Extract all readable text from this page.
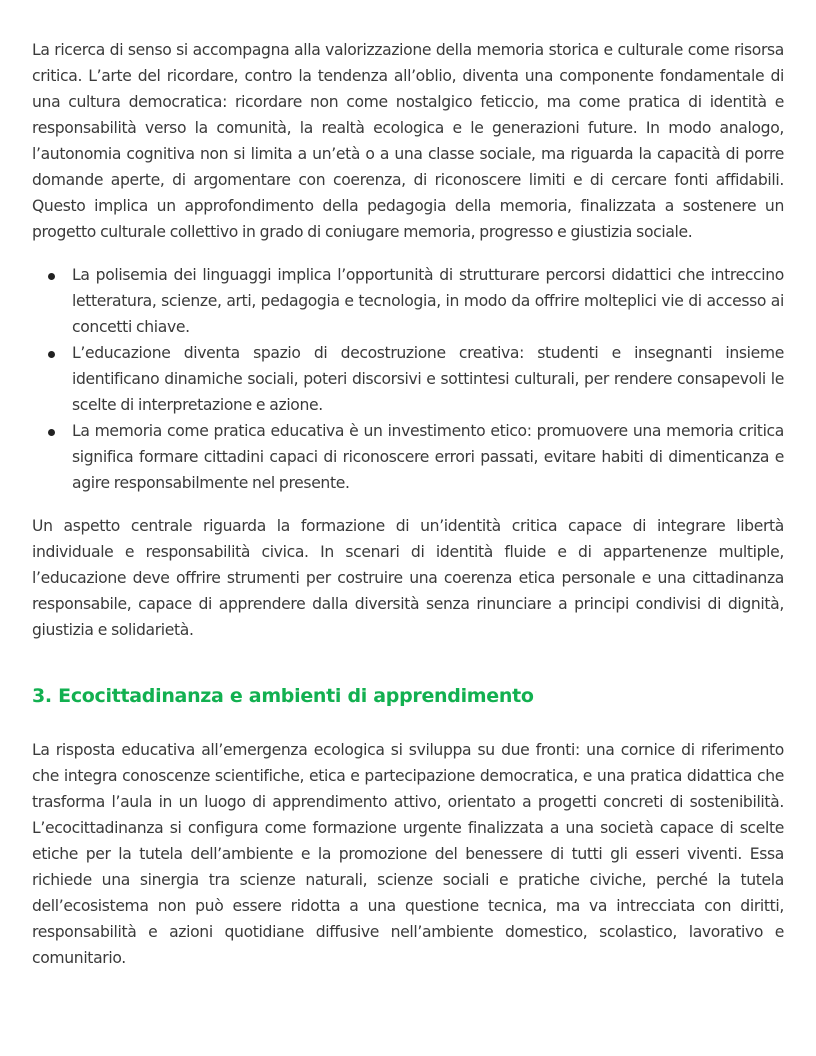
La ricerca di senso si accompagna alla valorizzazione della memoria storica e culturale come risorsa critica. L’arte del ricordare, contro la tendenza all’oblio, diventa una componente fondamentale di una cultura democratica: ricordare non come nostalgico feticcio, ma come pratica di identità e responsabilità verso la comunità, la realtà ecologica e le generazioni future. In modo analogo, l’autonomia cognitiva non si limita a un’età o a una classe sociale, ma riguarda la capacità di porre domande aperte, di argomentare con coerenza, di riconoscere limiti e di cercare fonti affidabili. Questo implica un approfondimento della pedagogia della memoria, finalizzata a sostenere un progetto culturale collettivo in grado di coniugare memoria, progresso e giustizia sociale.

La polisemia dei linguaggi implica l’opportunità di strutturare percorsi didattici che intreccino letteratura, scienze, arti, pedagogia e tecnologia, in modo da offrire molteplici vie di accesso ai concetti chiave.
L’educazione diventa spazio di decostruzione creativa: studenti e insegnanti insieme identificano dinamiche sociali, poteri discorsivi e sottintesi culturali, per rendere consapevoli le scelte di interpretazione e azione.
La memoria come pratica educativa è un investimento etico: promuovere una memoria critica significa formare cittadini capaci di riconoscere errori passati, evitare habiti di dimenticanza e agire responsabilmente nel presente.

Un aspetto centrale riguarda la formazione di un’identità critica capace di integrare libertà individuale e responsabilità civica. In scenari di identità fluide e di appartenenze multiple, l’educazione deve offrire strumenti per costruire una coerenza etica personale e una cittadinanza responsabile, capace di apprendere dalla diversità senza rinunciare a principi condivisi di dignità, giustizia e solidarietà.

3. Ecocittadinanza e ambienti di apprendimento

La risposta educativa all’emergenza ecologica si sviluppa su due fronti: una cornice di riferimento che integra conoscenze scientifiche, etica e partecipazione democratica, e una pratica didattica che trasforma l’aula in un luogo di apprendimento attivo, orientato a progetti concreti di sostenibilità. L’ecocittadinanza si configura come formazione urgente finalizzata a una società capace di scelte etiche per la tutela dell’ambiente e la promozione del benessere di tutti gli esseri viventi. Essa richiede una sinergia tra scienze naturali, scienze sociali e pratiche civiche, perché la tutela dell’ecosistema non può essere ridotta a una questione tecnica, ma va intrecciata con diritti, responsabilità e azioni quotidiane diffusive nell’ambiente domestico, scolastico, lavorativo e comunitario.
